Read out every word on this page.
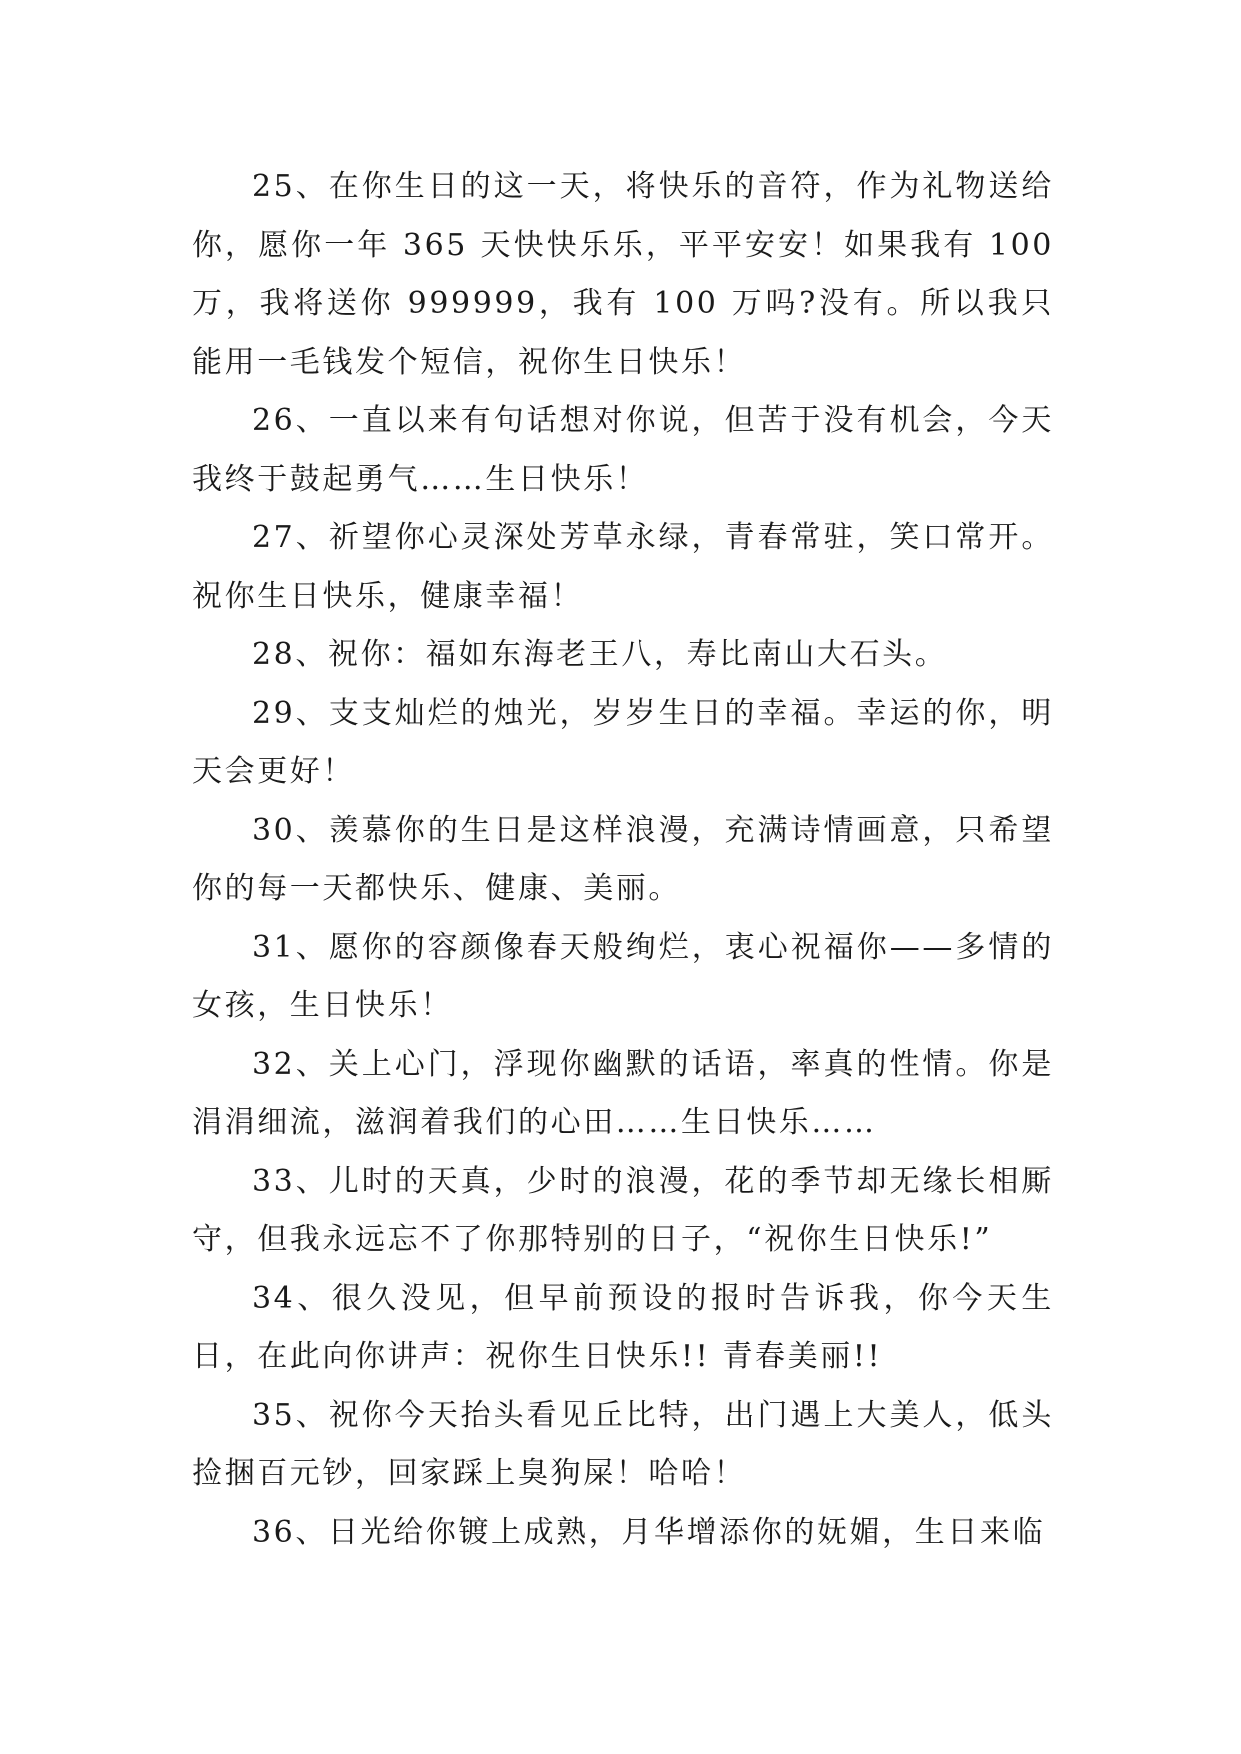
25、在你生日的这一天，将快乐的音符，作为礼物送给你，愿你一年 365 天快快乐乐，平平安安！如果我有 100 万，我将送你 999999，我有 100 万吗?没有。所以我只能用一毛钱发个短信，祝你生日快乐！

26、一直以来有句话想对你说，但苦于没有机会，今天我终于鼓起勇气……生日快乐！

27、祈望你心灵深处芳草永绿，青春常驻，笑口常开。祝你生日快乐，健康幸福！

28、祝你：福如东海老王八，寿比南山大石头。

29、支支灿烂的烛光，岁岁生日的幸福。幸运的你，明天会更好！

30、羡慕你的生日是这样浪漫，充满诗情画意，只希望你的每一天都快乐、健康、美丽。

31、愿你的容颜像春天般绚烂，衷心祝福你——多情的女孩，生日快乐！

32、关上心门，浮现你幽默的话语，率真的性情。你是涓涓细流，滋润着我们的心田……生日快乐……

33、儿时的天真，少时的浪漫，花的季节却无缘长相厮守，但我永远忘不了你那特别的日子，“祝你生日快乐!”

34、很久没见，但早前预设的报时告诉我，你今天生日，在此向你讲声：祝你生日快乐!! 青春美丽!!

35、祝你今天抬头看见丘比特，出门遇上大美人，低头捡捆百元钞，回家踩上臭狗屎！哈哈！

36、日光给你镀上成熟，月华增添你的妩媚，生日来临
